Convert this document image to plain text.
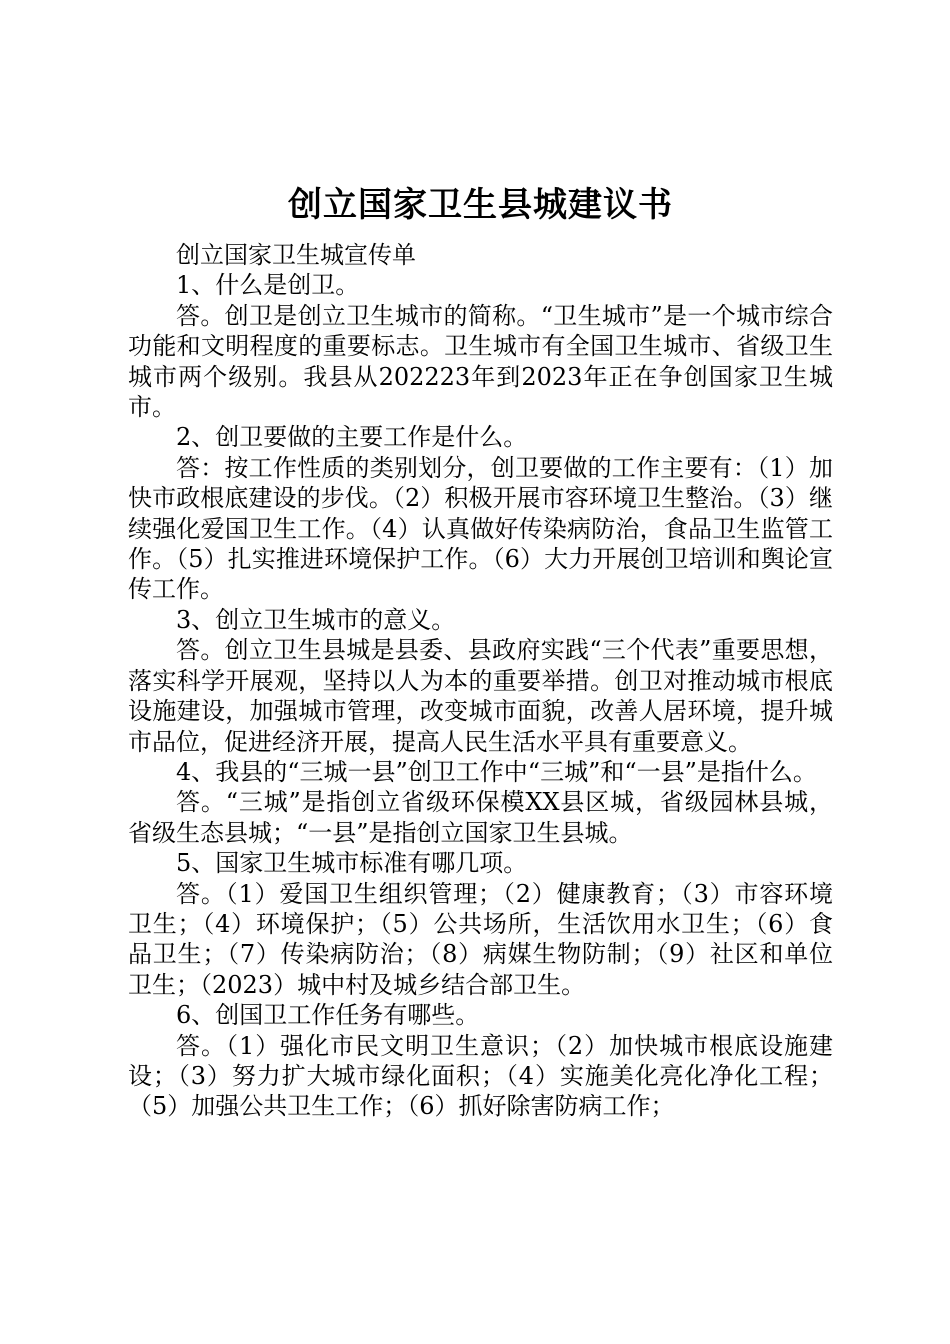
创立国家卫生县城建议书

创立国家卫生城宣传单

1、什么是创卫。

答。创卫是创立卫生城市的简称。“卫生城市”是一个城市综合功能和文明程度的重要标志。卫生城市有全国卫生城市、省级卫生城市两个级别。我县从202223年到2023年正在争创国家卫生城市。

2、创卫要做的主要工作是什么。

答：按工作性质的类别划分，创卫要做的工作主要有：（1）加快市政根底建设的步伐。（2）积极开展市容环境卫生整治。（3）继续强化爱国卫生工作。（4）认真做好传染病防治，食品卫生监管工作。（5）扎实推进环境保护工作。（6）大力开展创卫培训和舆论宣传工作。

3、创立卫生城市的意义。

答。创立卫生县城是县委、县政府实践“三个代表”重要思想，落实科学开展观，坚持以人为本的重要举措。创卫对推动城市根底设施建设，加强城市管理，改变城市面貌，改善人居环境，提升城市品位，促进经济开展，提高人民生活水平具有重要意义。

4、我县的“三城一县”创卫工作中“三城”和“一县”是指什么。

答。“三城”是指创立省级环保模XX县区城，省级园林县城，省级生态县城；“一县”是指创立国家卫生县城。

5、国家卫生城市标准有哪几项。

答。（1）爱国卫生组织管理；（2）健康教育；（3）市容环境卫生；（4）环境保护；（5）公共场所，生活饮用水卫生；（6）食品卫生；（7）传染病防治；（8）病媒生物防制；（9）社区和单位卫生；（2023）城中村及城乡结合部卫生。

6、创国卫工作任务有哪些。

答。（1）强化市民文明卫生意识；（2）加快城市根底设施建设；（3）努力扩大城市绿化面积；（4）实施美化亮化净化工程；（5）加强公共卫生工作；（6）抓好除害防病工作；
